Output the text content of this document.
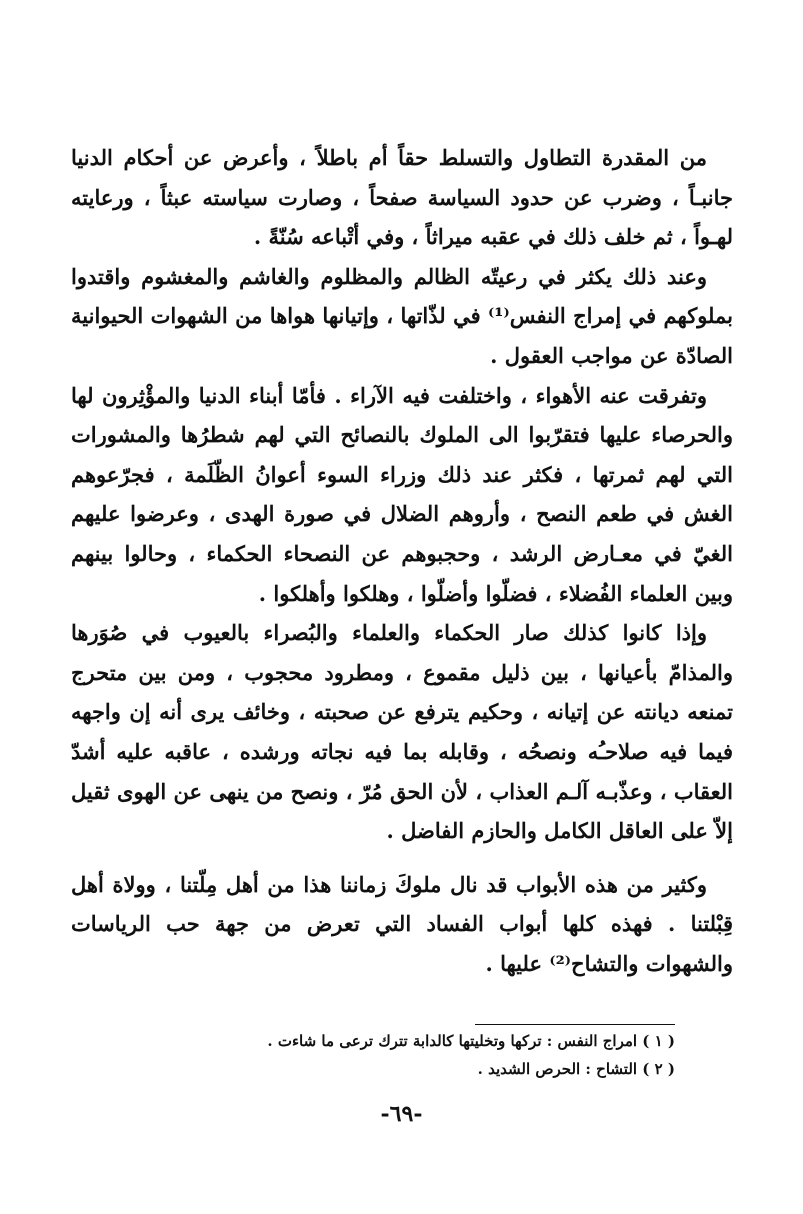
من المقدرة التطاول والتسلط حقاً أم باطلاً ، وأعرض عن أحكام الدنيا جانبـاً ، وضرب عن حدود السياسة صفحاً ، وصارت سياسته عبثاً ، ورعايته لهـواً ، ثم خلف ذلك في عقبه ميراثاً ، وفي أتْباعه سُنّةً .

وعند ذلك يكثر في رعيتّه الظالم والمظلوم والغاشم والمغشوم واقتدوا بملوكهم في إمراج النفس⁽¹⁾ في لذّاتها ، وإتيانها هواها من الشهوات الحيوانية الصادّة عن مواجب العقول .

وتفرقت عنه الأهواء ، واختلفت فيه الآراء . فأمّا أبناء الدنيا والمؤْثِرون لها والحرصاء عليها فتقرّبوا الى الملوك بالنصائح التي لهم شطرُها والمشورات التي لهم ثمرتها ، فكثر عند ذلك وزراء السوء أعوانُ الظّلَمة ، فجرّعوهم الغش في طعم النصح ، وأروهم الضلال في صورة الهدى ، وعرضوا عليهم الغيّ في معـارض الرشد ، وحجبوهم عن النصحاء الحكماء ، وحالوا بينهم وبين العلماء الفُضلاء ، فضلّوا وأضلّوا ، وهلكوا وأهلكوا .

وإذا كانوا كذلك صار الحكماء والعلماء والبُصراء بالعيوب في صُوَرها والمذامّ بأعيانها ، بين ذليل مقموع ، ومطرود محجوب ، ومن بين متحرج تمنعه ديانته عن إتيانه ، وحكيم يترفع عن صحبته ، وخائف يرى أنه إن واجهه فيما فيه صلاحـُه ونصحُه ، وقابله بما فيه نجاته ورشده ، عاقبه عليه أشدّ العقاب ، وعذّبـه آلـم العذاب ، لأن الحق مُرّ ، ونصح من ينهى عن الهوى ثقيل إلاّ على العاقل الكامل والحازم الفاضل .

وكثير من هذه الأبواب قد نال ملوكَ زماننا هذا من أهل مِلّتنا ، وولاة أهل قِبْلتنا . فهذه كلها أبواب الفساد التي تعرض من جهة حب الرياسات والشهوات والتشاح⁽²⁾ عليها .

( ١ ) امراج النفس : تركها وتخليتها كالدابة تترك ترعى ما شاءت .

( ٢ ) التشاح : الحرص الشديد .

-٦٩-
